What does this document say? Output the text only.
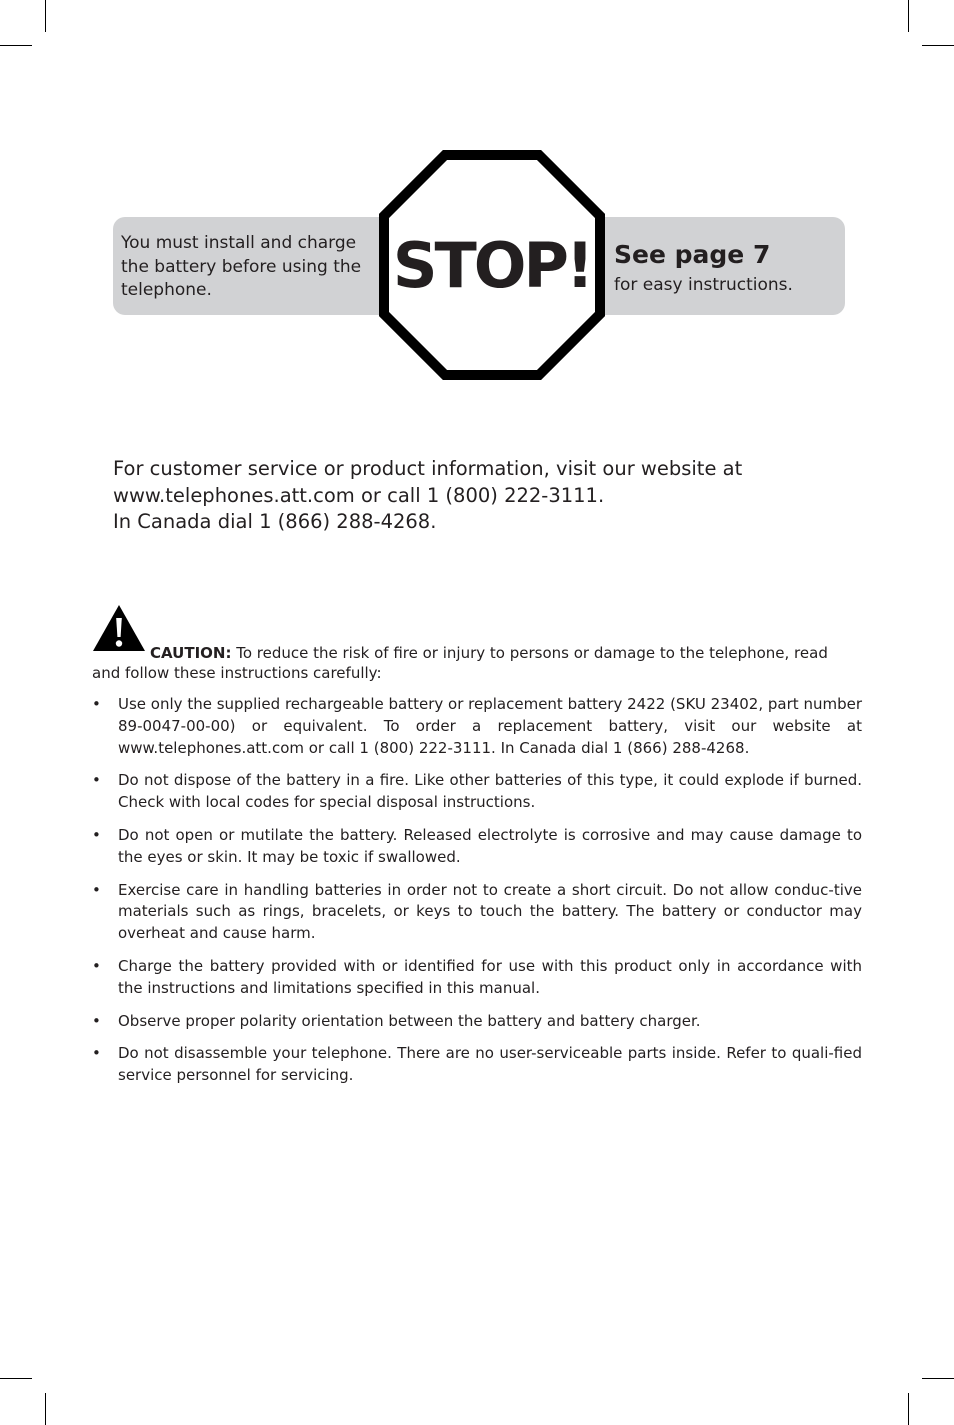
You must install and charge
the battery before using the
telephone.	STOP! See page 7
for easy instructions.
For customer service or product information, visit our website at
www.telephones.att.com or call 1 (800) 222-3111.
In Canada dial 1 (866) 288-4268.
CAUTION: To reduce the risk of fire or injury to persons or damage to the telephone, read
and follow these instructions carefully:
• Use only the supplied rechargeable battery or replacement battery 2422 (SKU 23402, part number 89-0047-00-00) or equivalent. To order a replacement battery, visit our website at www.telephones.att.com or call 1 (800) 222-3111. In Canada dial 1 (866) 288-4268.
• Do not dispose of the battery in a fire. Like other batteries of this type, it could explode if burned. Check with local codes for special disposal instructions.
• Do not open or mutilate the battery. Released electrolyte is corrosive and may cause damage to the eyes or skin. It may be toxic if swallowed.
• Exercise care in handling batteries in order not to create a short circuit. Do not allow conduc-tive materials such as rings, bracelets, or keys to touch the battery. The battery or conductor may overheat and cause harm.
• Charge the battery provided with or identified for use with this product only in accordance with the instructions and limitations specified in this manual.
• Observe proper polarity orientation between the battery and battery charger.
• Do not disassemble your telephone. There are no user-serviceable parts inside. Refer to quali-fied service personnel for servicing.
